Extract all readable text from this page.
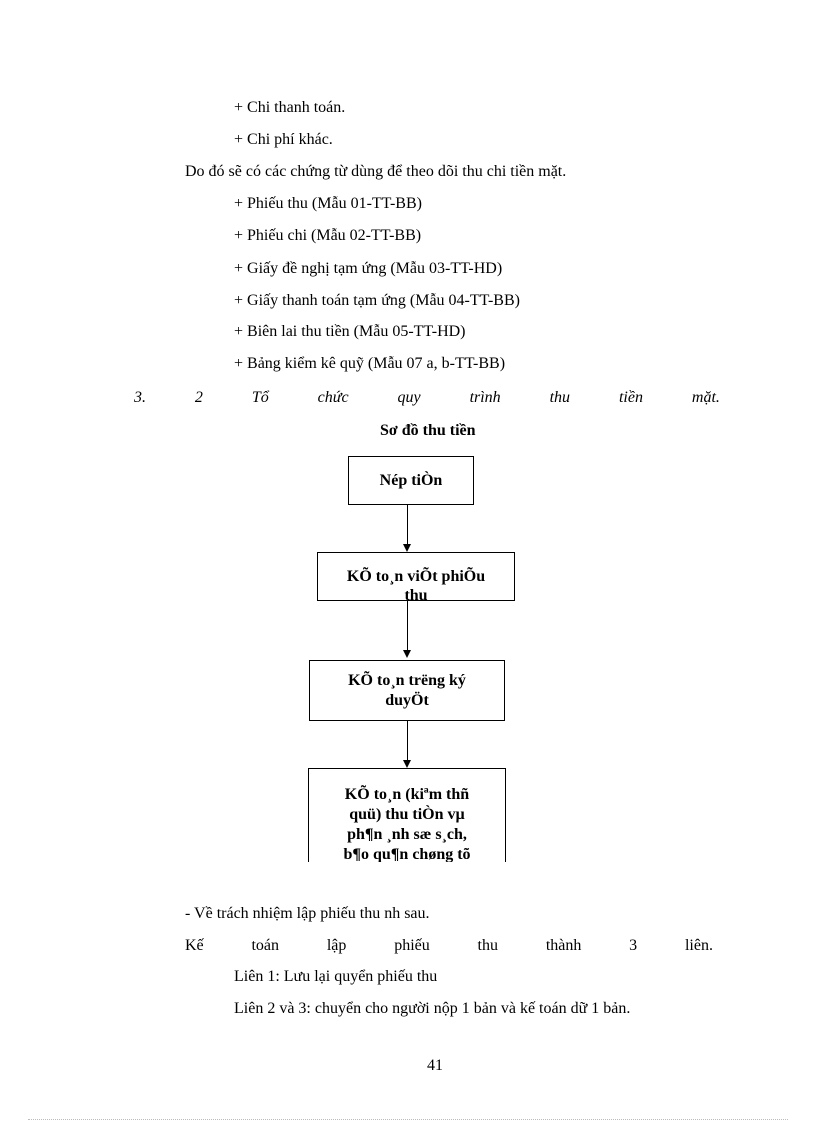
+ Chi thanh toán.
+ Chi phí khác.
Do đó sẽ có các chứng từ dùng để theo dõi thu chi tiền mặt.
+ Phiếu thu (Mẫu 01-TT-BB)
+ Phiếu chi (Mẫu 02-TT-BB)
+ Giấy đề nghị tạm ứng (Mẫu 03-TT-HD)
+ Giấy thanh toán tạm ứng (Mẫu 04-TT-BB)
+ Biên lai thu tiền (Mẫu 05-TT-HD)
+ Bảng kiểm kê quỹ (Mẫu 07 a, b-TT-BB)
3.	2	Tổ	chức	quy	trình	thu	tiền	mặt.
Sơ đồ thu tiền
Nép tiÒn
KÕ to¸n viÕt phiÕu
thu
KÕ to¸n trëng ký
duyÖt
KÕ to¸n (kiªm thñ
quü) thu tiÒn vµ
ph¶n ¸nh sæ s¸ch,
b¶o qu¶n chøng tõ
- Về trách nhiệm lập phiếu thu nh sau.
Kế	toán	lập	phiếu	thu	thành	3	liên.
Liên 1: Lưu lại quyển phiếu thu
Liên 2 và 3: chuyển cho người nộp 1 bản và kế toán dữ 1 bản.
41
